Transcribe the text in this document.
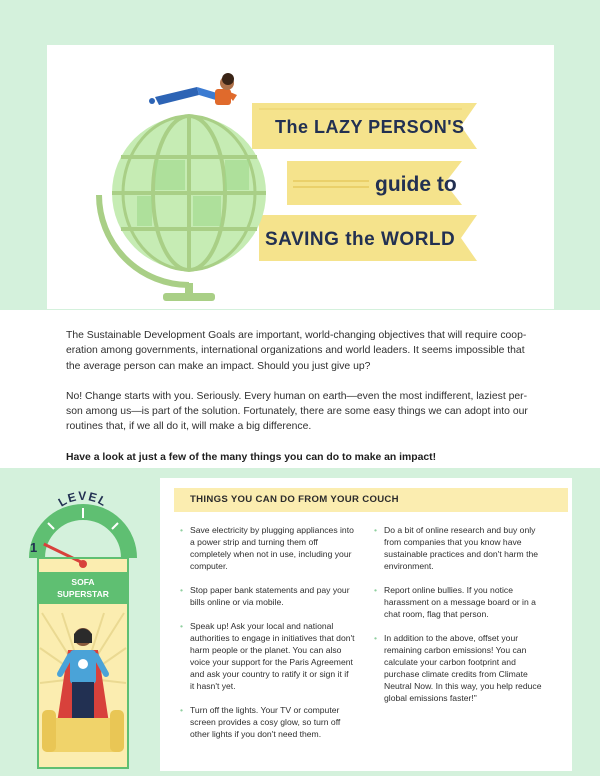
The LAZY PERSON'S
guide to
SAVING the WORLD

The Sustainable Development Goals are important, world-changing objectives that will require cooperation among governments, international organizations and world leaders. It seems impossible that the average person can make an impact. Should you just give up?

No! Change starts with you. Seriously. Every human on earth—even the most indifferent, laziest person among us—is part of the solution. Fortunately, there are some easy things we can adopt into our routines that, if we all do it, will make a big difference.

Have a look at just a few of the many things you can do to make an impact!

LEVEL
1
SOFA
SUPERSTAR
THINGS YOU CAN DO FROM YOUR COUCH
• Save electricity by plugging appliances into a power strip and turning them off completely when not in use, including your computer.
• Stop paper bank statements and pay your bills online or via mobile.
• Speak up! Ask your local and national authorities to engage in initiatives that don't harm people or the planet. You can also voice your support for the Paris Agreement and ask your country to ratify it or sign it if it hasn't yet.
• Turn off the lights. Your TV or computer screen provides a cosy glow, so turn off other lights if you don't need them.
• Do a bit of online research and buy only from companies that you know have sustainable practices and don't harm the environment.
• Report online bullies. If you notice harassment on a message board or in a chat room, flag that person.
• In addition to the above, offset your remaining carbon emissions! You can calculate your carbon footprint and purchase climate credits from Climate Neutral Now. In this way, you help reduce global emissions faster!"
